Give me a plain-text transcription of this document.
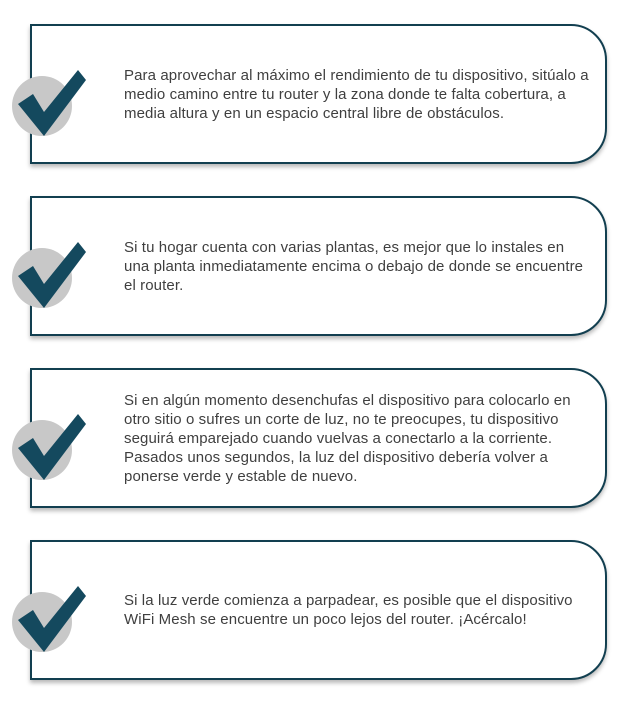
Para aprovechar al máximo el rendimiento de tu dispositivo, sitúalo a medio camino entre tu router y la zona donde te falta cobertura, a media altura y en un espacio central libre de obstáculos.
Si tu hogar cuenta con varias plantas, es mejor que lo instales en una planta inmediatamente encima o debajo de donde se encuentre el router.
Si en algún momento desenchufas el dispositivo para colocarlo en otro sitio o sufres un corte de luz, no te preocupes, tu dispositivo seguirá emparejado cuando vuelvas a conectarlo a la corriente. Pasados unos segundos, la luz del dispositivo debería volver a ponerse verde y estable de nuevo.
Si la luz verde comienza a parpadear, es posible que el dispositivo WiFi Mesh se encuentre un poco lejos del router. ¡Acércalo!
